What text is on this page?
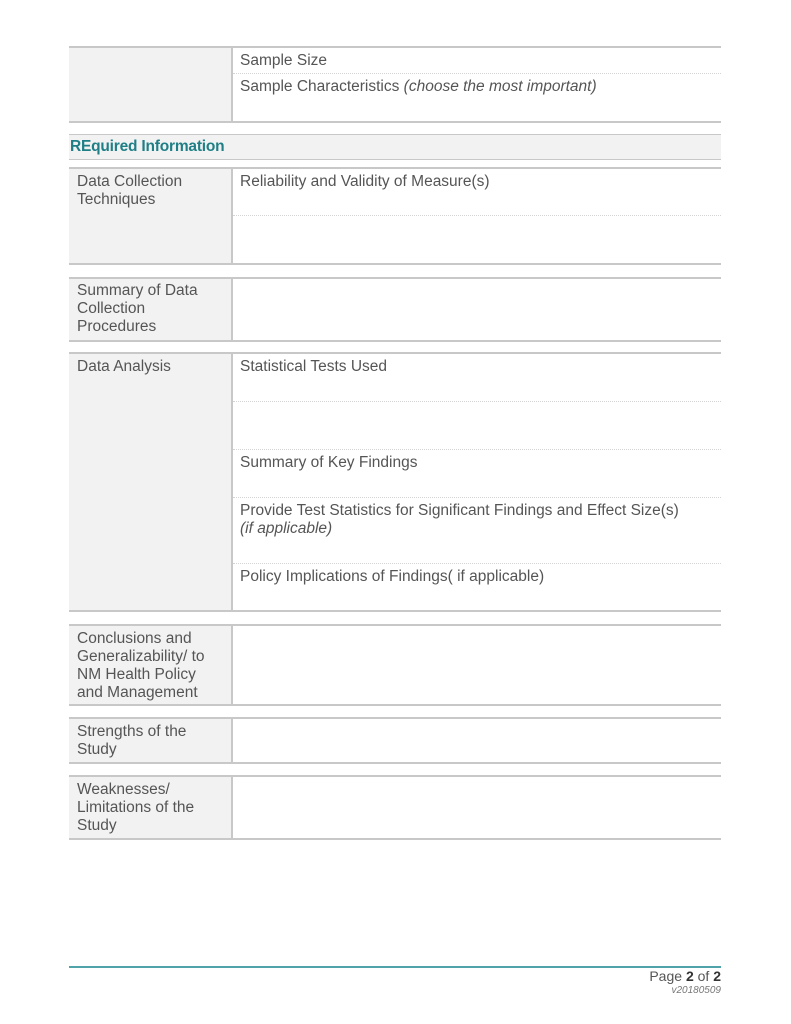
Sample Size
Sample Characteristics (choose the most important)
REquired Information
Data Collection Techniques
Reliability and Validity of Measure(s)
Summary of Data Collection Procedures
Data Analysis	Statistical Tests Used
Summary of Key Findings
Provide Test Statistics for Significant Findings and Effect Size(s)
(if applicable)
Policy Implications of Findings( if applicable)
Conclusions and Generalizability/ to NM Health Policy and Management
Strengths of the Study
Weaknesses/ Limitations of the Study
Page 2 of 2
v20180509
